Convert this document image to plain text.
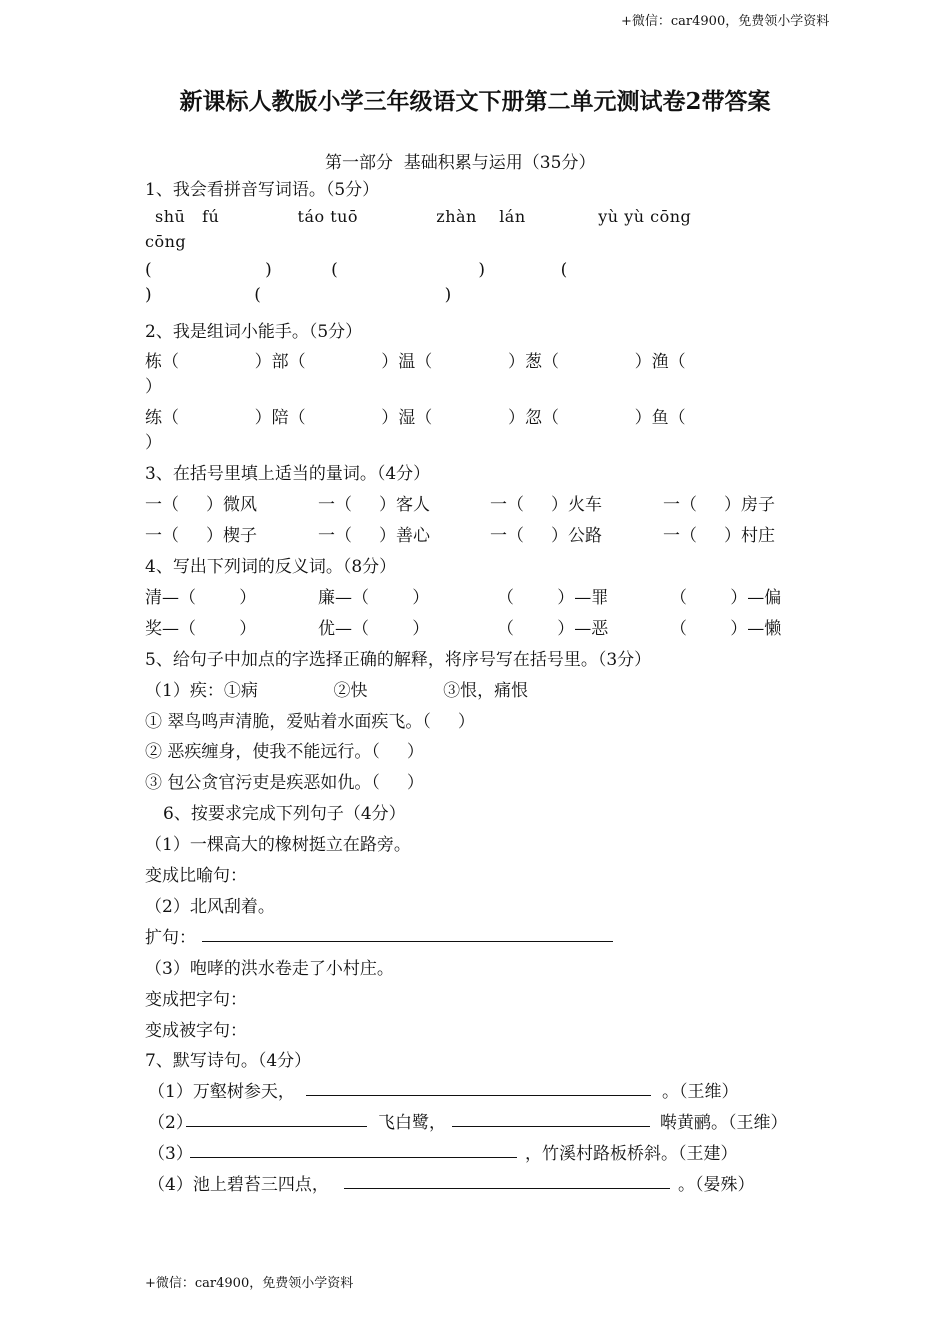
+微信：car4900，免费领小学资料
新课标人教版小学三年级语文下册第二单元测试卷2带答案
第一部分  基础积累与运用（35分）
1、我会看拼音写词语。（5分）
shū   fú              táo tuō              zhàn    lán             yù yù cōng
cōng
(                     )           (                          )              (
)                   (                                  )
2、我是组词小能手。（5分）
栋（              ）部（              ）温（              ）葱（              ）渔（
）
练（              ）陪（              ）湿（              ）忽（              ）鱼（
）
3、在括号里填上适当的量词。（4分）
一（     ）微风	一（     ）客人	一（     ）火车	一（     ）房子
一（     ）楔子	一（     ）善心	一（     ）公路	一（     ）村庄
4、写出下列词的反义词。（8分）
清—（        ）	廉—（        ）	（        ）—罪	（        ）—偏
奖—（        ）	优—（        ）	（        ）—恶	（        ）—懒
5、给句子中加点的字选择正确的解释，将序号写在括号里。（3分）
（1）疾：①病              ②快              ③恨，痛恨
① 翠鸟鸣声清脆，爱贴着水面疾飞。（     ）
② 恶疾缠身，使我不能远行。（     ）
③ 包公贪官污吏是疾恶如仇。（     ）
6、按要求完成下列句子（4分）
（1）一棵高大的橡树挺立在路旁。
变成比喻句：
（2）北风刮着。
扩句：
（3）咆哮的洪水卷走了小村庄。
变成把字句：
变成被字句：
7、默写诗句。（4分）
（1）万壑树参天，	。（王维）
（2）	飞白鹭，	啭黄鹂。（王维）
（3）	，竹溪村路板桥斜。（王建）
（4）池上碧苔三四点，	。（晏殊）
+微信：car4900，免费领小学资料
